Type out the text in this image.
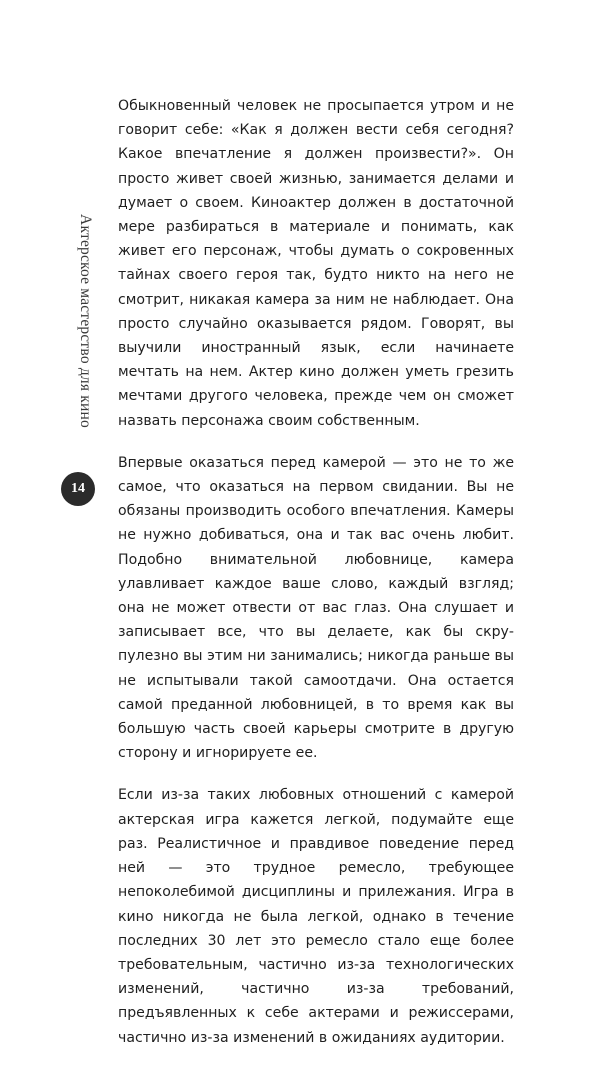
Актерское мастерство для кино
14

Обыкновенный человек не просыпается утром и не говорит себе: «Как я должен вести себя сегодня? Какое впечатление я должен произвести?». Он просто живет своей жизнью, занимается делами и думает о своем. Киноактер должен в достаточной мере разбираться в материале и понимать, как живет его персонаж, чтобы думать о сокровенных тайнах своего героя так, будто никто на него не смотрит, никакая камера за ним не наблюдает. Она просто случайно оказывается рядом. Говорят, вы выучили иностранный язык, если начинаете мечтать на нем. Актер кино должен уметь грезить мечтами другого человека, прежде чем он сможет назвать персонажа своим собственным.

Впервые оказаться перед камерой — это не то же самое, что оказаться на первом свидании. Вы не обязаны производить особого впечатления. Камеры не нужно добиваться, она и так вас очень любит. Подобно внимательной любовнице, камера улавливает каждое ваше слово, каждый взгляд; она не может отвести от вас глаз. Она слушает и записывает все, что вы делаете, как бы скрупулезно вы этим ни занимались; никогда раньше вы не испытывали такой самоотдачи. Она остается самой преданной любовницей, в то время как вы большую часть своей карьеры смотрите в другую сторону и игнорируете ее.

Если из-за таких любовных отношений с камерой актерская игра кажется легкой, подумайте еще раз. Реалистичное и правдивое поведение перед ней — это трудное ремесло, требующее непоколебимой дисциплины и прилежания. Игра в кино никогда не была легкой, однако в течение последних 30 лет это ремесло стало еще более требовательным, частично из-за технологических изменений, частично из-за требований, предъявленных к себе актерами и режиссерами, частично из-за изменений в ожиданиях аудитории.
